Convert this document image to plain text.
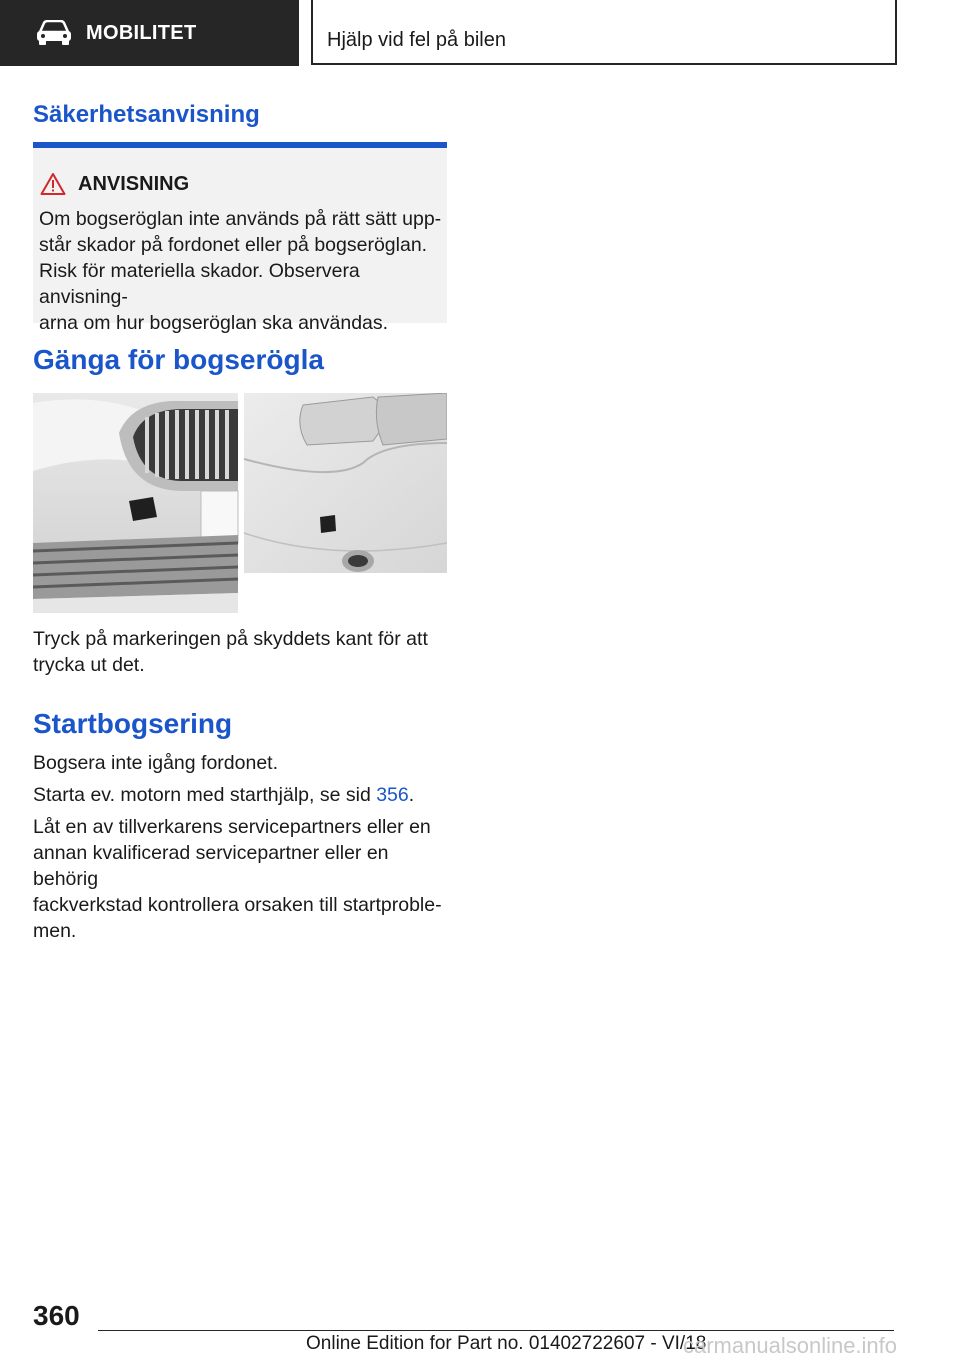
MOBILITET	Hjälp vid fel på bilen
Säkerhetsanvisning
ANVISNING
Om bogseröglan inte används på rätt sätt upp-
står skador på fordonet eller på bogseröglan.
Risk för materiella skador. Observera anvisning-
arna om hur bogseröglan ska användas.
Gänga för bogserögla
Tryck på markeringen på skyddets kant för att
trycka ut det.
Startbogsering
Bogsera inte igång fordonet.
Starta ev. motorn med starthjälp, se sid 356.
Låt en av tillverkarens servicepartners eller en
annan kvalificerad servicepartner eller en behörig
fackverkstad kontrollera orsaken till startproble-
men.
360
Online Edition for Part no. 01402722607 - VI/18
carmanualsonline.info
